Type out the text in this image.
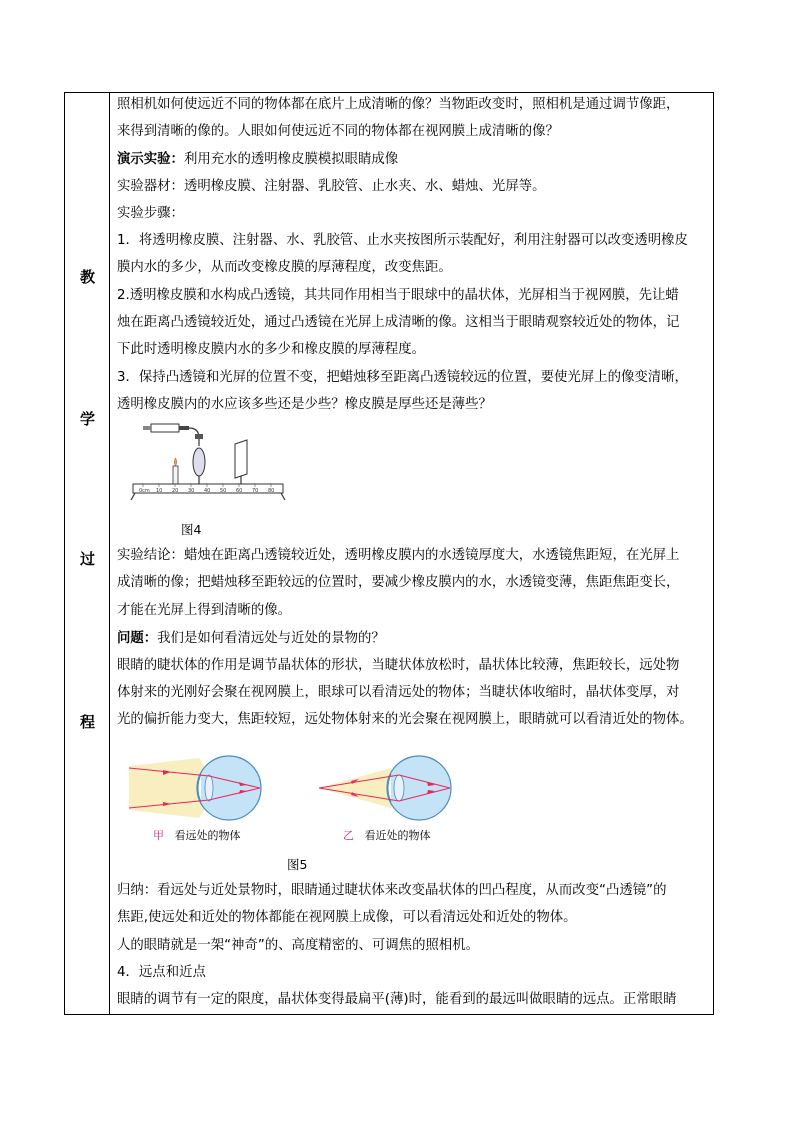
教
学
过
程
照相机如何使远近不同的物体都在底片上成清晰的像？当物距改变时，照相机是通过调节像距，
来得到清晰的像的。人眼如何使远近不同的物体都在视网膜上成清晰的像？
演示实验：利用充水的透明橡皮膜模拟眼睛成像
实验器材：透明橡皮膜、注射器、乳胶管、止水夹、水、蜡烛、光屏等。
实验步骤：
1．将透明橡皮膜、注射器、水、乳胶管、止水夹按图所示装配好，利用注射器可以改变透明橡皮
膜内水的多少，从而改变橡皮膜的厚薄程度，改变焦距。
2.透明橡皮膜和水构成凸透镜，其共同作用相当于眼球中的晶状体，光屏相当于视网膜，先让蜡
烛在距离凸透镜较近处，通过凸透镜在光屏上成清晰的像。这相当于眼睛观察较近处的物体，记
下此时透明橡皮膜内水的多少和橡皮膜的厚薄程度。
3．保持凸透镜和光屏的位置不变，把蜡烛移至距离凸透镜较远的位置，要使光屏上的像变清晰，
透明橡皮膜内的水应该多些还是少些？橡皮膜是厚些还是薄些？
0cm 10 20 30 40 50 60 70 80
图4
实验结论：蜡烛在距离凸透镜较近处，透明橡皮膜内的水透镜厚度大，水透镜焦距短，在光屏上
成清晰的像；把蜡烛移至距较远的位置时，要减少橡皮膜内的水，水透镜变薄，焦距焦距变长，
才能在光屏上得到清晰的像。
问题：我们是如何看清远处与近处的景物的？
眼睛的睫状体的作用是调节晶状体的形状，当睫状体放松时，晶状体比较薄，焦距较长，远处物
体射来的光刚好会聚在视网膜上，眼球可以看清远处的物体；当睫状体收缩时，晶状体变厚，对
光的偏折能力变大，焦距较短，远处物体射来的光会聚在视网膜上，眼睛就可以看清近处的物体。
甲 看远处的物体	乙 看近处的物体
图5
归纳：看远处与近处景物时，眼睛通过睫状体来改变晶状体的凹凸程度，从而改变“凸透镜”的
焦距,使远处和近处的物体都能在视网膜上成像，可以看清远处和近处的物体。
人的眼睛就是一架“神奇”的、高度精密的、可调焦的照相机。
4．远点和近点
眼睛的调节有一定的限度，晶状体变得最扁平(薄)时，能看到的最远叫做眼睛的远点。正常眼睛
